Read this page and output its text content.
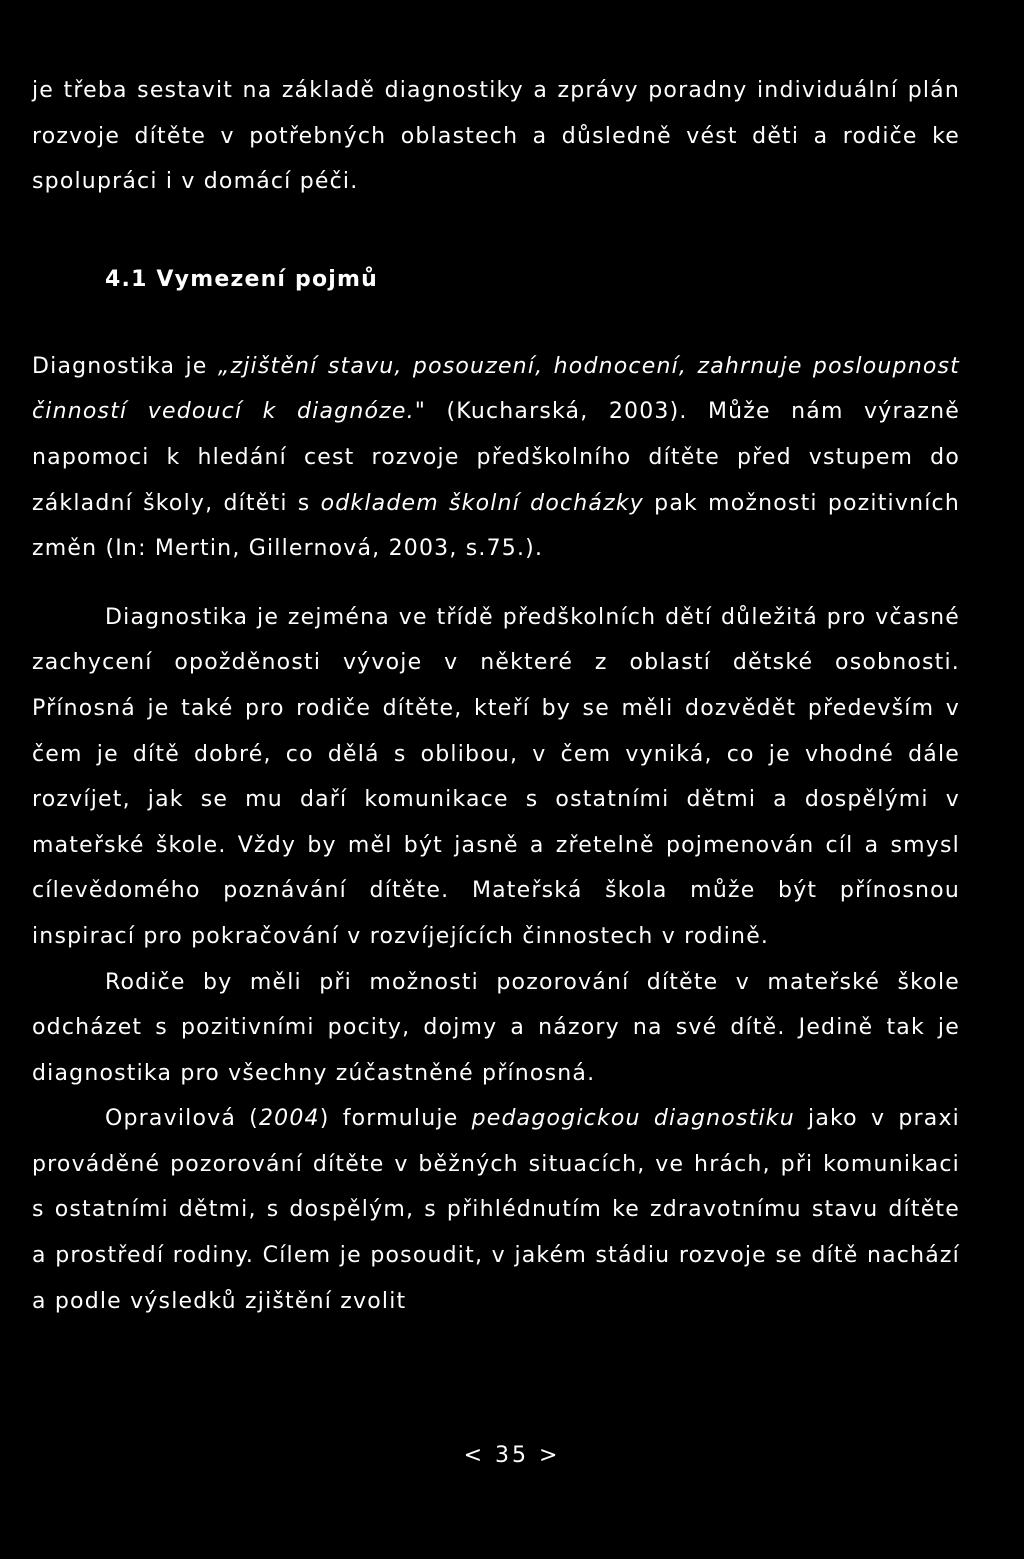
je třeba sestavit na základě diagnostiky a zprávy poradny individuální plán rozvoje dítěte v potřebných oblastech a důsledně vést děti a rodiče ke spolupráci i v domácí péči.

4.1 Vymezení pojmů

Diagnostika je „zjištění stavu, posouzení, hodnocení, zahrnuje posloupnost činností vedoucí k diagnóze." (Kucharská, 2003). Může nám výrazně napomoci k hledání cest rozvoje předškolního dítěte před vstupem do základní školy, dítěti s odkladem školní docházky pak možnosti pozitivních změn (In: Mertin, Gillernová, 2003, s.75.).

Diagnostika je zejména ve třídě předškolních dětí důležitá pro včasné zachycení opožděnosti vývoje v některé z oblastí dětské osobnosti. Přínosná je také pro rodiče dítěte, kteří by se měli dozvědět především v čem je dítě dobré, co dělá s oblibou, v čem vyniká, co je vhodné dále rozvíjet, jak se mu daří komunikace s ostatními dětmi a dospělými v mateřské škole. Vždy by měl být jasně a zřetelně pojmenován cíl a smysl cílevědomého poznávání dítěte. Mateřská škola může být přínosnou inspirací pro pokračování v rozvíjejících činnostech v rodině.

Rodiče by měli při možnosti pozorování dítěte v mateřské škole odcházet s pozitivními pocity, dojmy a názory na své dítě. Jedině tak je diagnostika pro všechny zúčastněné přínosná.

Opravilová (2004) formuluje pedagogickou diagnostiku jako v praxi prováděné pozorování dítěte v běžných situacích, ve hrách, při komunikaci s ostatními dětmi, s dospělým, s přihlédnutím ke zdravotnímu stavu dítěte a prostředí rodiny. Cílem je posoudit, v jakém stádiu rozvoje se dítě nachází a podle výsledků zjištění zvolit

< 35 >
